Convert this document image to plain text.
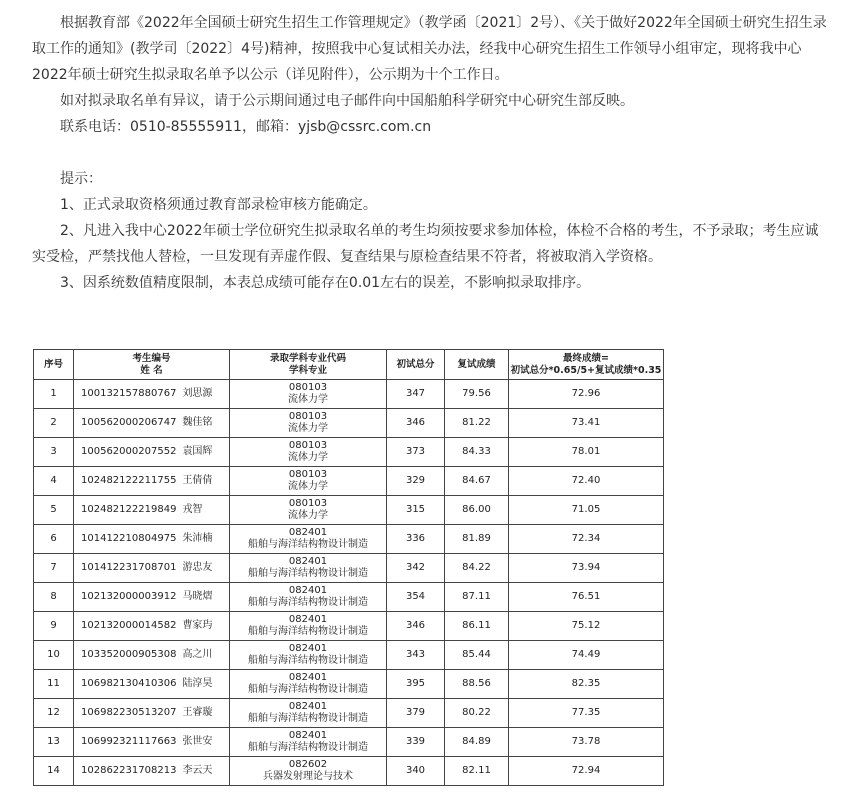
根据教育部《2022年全国硕士研究生招生工作管理规定》（教学函〔2021〕2号）、《关于做好2022年全国硕士研究生招生录取工作的通知》(教学司〔2022〕4号)精神，按照我中心复试相关办法，经我中心研究生招生工作领导小组审定，现将我中心2022年硕士研究生拟录取名单予以公示（详见附件），公示期为十个工作日。

如对拟录取名单有异议，请于公示期间通过电子邮件向中国船舶科学研究中心研究生部反映。

联系电话：0510-85555911，邮箱：yjsb@cssrc.com.cn

提示：

1、正式录取资格须通过教育部录检审核方能确定。

2、凡进入我中心2022年硕士学位研究生拟录取名单的考生均须按要求参加体检，体检不合格的考生，不予录取；考生应诚实受检，严禁找他人替检，一旦发现有弄虚作假、复查结果与原检查结果不符者，将被取消入学资格。

3、因系统数值精度限制，本表总成绩可能存在0.01左右的误差，不影响拟录取排序。

序号	考生编号
姓 名	录取学科专业代码
学科专业	初试总分	复试成绩	最终成绩=
初试总分*0.65/5+复试成绩*0.35

1	100132157880767 刘思源	080103
流体力学	347	79.56	72.96
2	100562000206747 魏佳铭	080103
流体力学	346	81.22	73.41
3	100562000207552 袁国辉	080103
流体力学	373	84.33	78.01
4	102482122211755 王倩倩	080103
流体力学	329	84.67	72.40
5	102482122219849 戎智	080103
流体力学	315	86.00	71.05
6	101412210804975 朱沛楠	082401
船舶与海洋结构物设计制造	336	81.89	72.34
7	101412231708701 游忠友	082401
船舶与海洋结构物设计制造	342	84.22	73.94
8	102132000003912 马晓熠	082401
船舶与海洋结构物设计制造	354	87.11	76.51
9	102132000014582 曹家玙	082401
船舶与海洋结构物设计制造	346	86.11	75.12
10	103352000905308 高之川	082401
船舶与海洋结构物设计制造	343	85.44	74.49
11	106982130410306 陆淳昊	082401
船舶与海洋结构物设计制造	395	88.56	82.35
12	106982230513207 王睿璇	082401
船舶与海洋结构物设计制造	379	80.22	77.35
13	106992321117663 张世安	082401
船舶与海洋结构物设计制造	339	84.89	73.78
14	102862231708213 李云天	082602
兵器发射理论与技术	340	82.11	72.94
